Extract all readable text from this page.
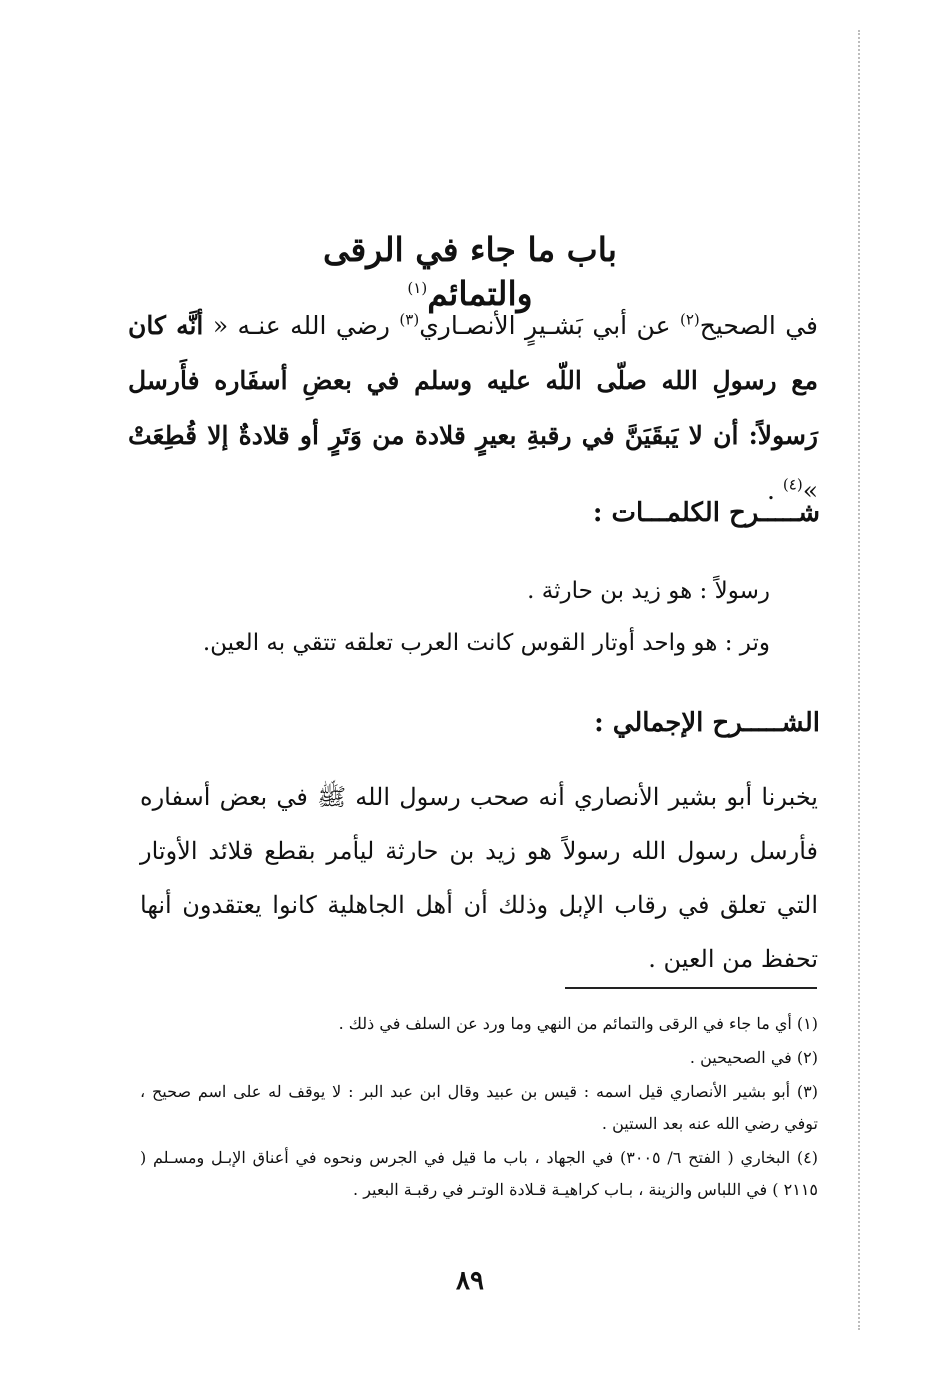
باب ما جاء في الرقى والتمائم$^{(١)}$
في الصحيح$^{(٢)}$ عن أبي بَشـيرٍ الأنصـاري$^{(٣)}$ رضي الله عنـه « أنَّه كان مع رسولِ الله صلّى اللّه عليه وسلم في بعضِ أسفَاره فأَرسل رَسولاً: أن لا يَبقَيَنَّ في رقبةِ بعيرٍ قلادة من وَتَرٍ أو قلادةٌ إلا قُطِعَتْ »$^{(٤)}$ .
شـــــرح الكلمـــات :
رسولاً : هو زيد بن حارثة .
وتر : هو واحد أوتار القوس كانت العرب تعلقه تتقي به العين.
الشـــــرح الإجمالي :
يخبرنا أبو بشير الأنصاري أنه صحب رسول الله ﷺ في بعض أسفاره فأرسل رسول الله رسولاً هو زيد بن حارثة ليأمر بقطع قلائد الأوتار التي تعلق في رقاب الإبل وذلك أن أهل الجاهلية كانوا يعتقدون أنها تحفظ من العين .
(١) أي ما جاء في الرقى والتمائم من النهي وما ورد عن السلف في ذلك .
(٢) في الصحيحين .
(٣) أبو بشير الأنصاري قيل اسمه : قيس بن عبيد وقال ابن عبد البر : لا يوقف له على اسم صحيح ، توفي رضي الله عنه بعد الستين .
(٤) البخاري ( الفتح ٦/ ٣٠٠٥) في الجهاد ، باب ما قيل في الجرس ونحوه في أعناق الإبـل ومسـلم ( ٢١١٥ ) في اللباس والزينة ، بـاب كراهيـة قـلادة الوتـر في رقبـة البعير .
٨٩
